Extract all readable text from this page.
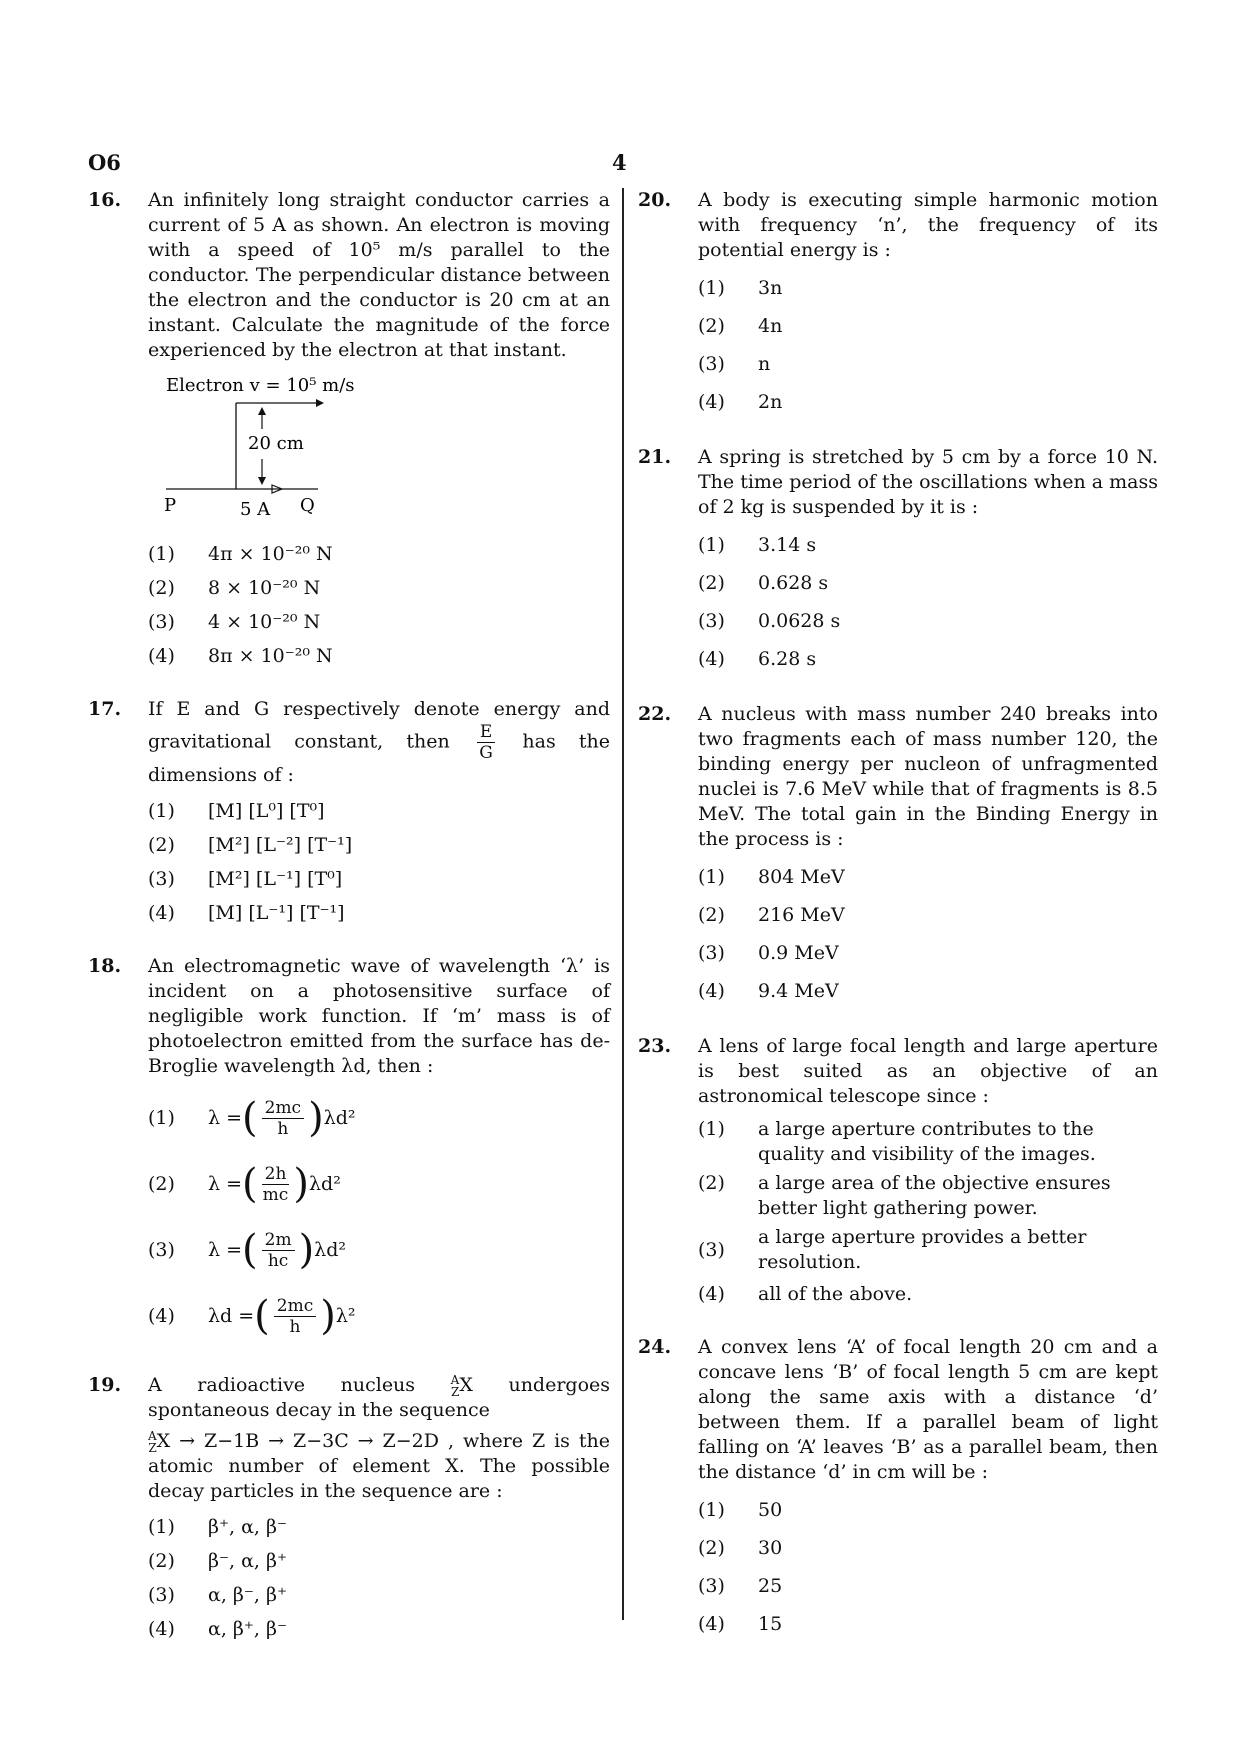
O6	4
16. An infinitely long straight conductor carries a current of 5 A as shown. An electron is moving with a speed of 10⁵ m/s parallel to the conductor. The perpendicular distance between the electron and the conductor is 20 cm at an instant. Calculate the magnitude of the force experienced by the electron at that instant.
Electron v = 10⁵ m/s
20 cm
P	5 A Q
(1)	4π × 10⁻²⁰ N
(2)	8 × 10⁻²⁰ N
(3)	4 × 10⁻²⁰ N
(4)	8π × 10⁻²⁰ N
17. If E and G respectively denote energy and gravitational constant, then $\frac{E}{G}$ has the dimensions of :
(1)	[M] [L⁰] [T⁰]
(2)	[M²] [L⁻²] [T⁻¹]
(3)	[M²] [L⁻¹] [T⁰]
(4)	[M] [L⁻¹] [T⁻¹]
18. An electromagnetic wave of wavelength ‘λ’ is incident on a photosensitive surface of negligible work function. If ‘m’ mass is of photoelectron emitted from the surface has de-Broglie wavelength λd, then :
(1)	λ = ( $\frac{2mc}{h}$ ) λd²
(2)	λ = ( $\frac{2h}{mc}$ ) λd²
(3)	λ = ( $\frac{2m}{hc}$ ) λd²
(4)	λd = ( $\frac{2mc}{h}$ ) λ²
19. A radioactive nucleus	A
Z X undergoes spontaneous decay in the sequence
A
Z X → Z−1B → Z−3C → Z−2D , where Z is the atomic number of element X. The possible decay particles in the sequence are :
(1)	β⁺, α, β⁻
(2)	β⁻, α, β⁺
(3)	α, β⁻, β⁺
(4)	α, β⁺, β⁻
20. A body is executing simple harmonic motion with frequency ‘n’, the frequency of its potential energy is :
(1)	3n
(2)	4n
(3)	n
(4)	2n
21. A spring is stretched by 5 cm by a force 10 N. The time period of the oscillations when a mass of 2 kg is suspended by it is :
(1)	3.14 s
(2)	0.628 s
(3)	0.0628 s
(4)	6.28 s
22. A nucleus with mass number 240 breaks into two fragments each of mass number 120, the binding energy per nucleon of unfragmented nuclei is 7.6 MeV while that of fragments is 8.5 MeV. The total gain in the Binding Energy in the process is :
(1)	804 MeV
(2)	216 MeV
(3)	0.9 MeV
(4)	9.4 MeV
23. A lens of large focal length and large aperture is best suited as an objective of an astronomical telescope since :
(1)	a large aperture contributes to the quality and visibility of the images.
(2)	a large area of the objective ensures better light gathering power.
(3)
a large aperture provides a better resolution.
(4)	all of the above.
24. A convex lens ‘A’ of focal length 20 cm and a concave lens ‘B’ of focal length 5 cm are kept along the same axis with a distance ‘d’ between them. If a parallel beam of light falling on ‘A’ leaves ‘B’ as a parallel beam, then the distance ‘d’ in cm will be :
(1)	50
(2)	30
(3)	25
(4)	15
